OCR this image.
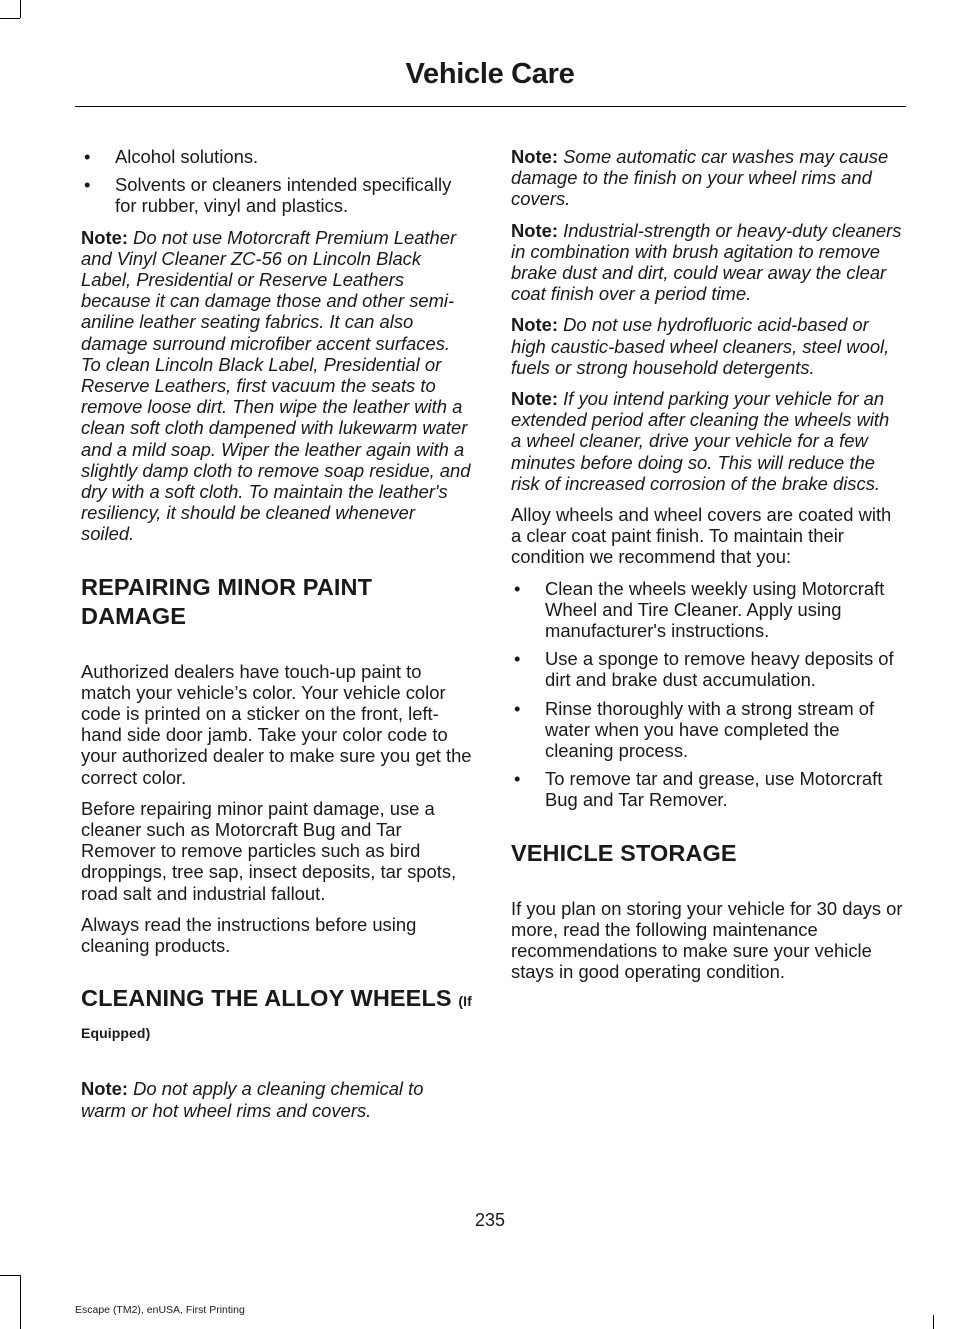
Vehicle Care
• Alcohol solutions.
• Solvents or cleaners intended specifically for rubber, vinyl and plastics.

Note: Do not use Motorcraft Premium Leather and Vinyl Cleaner ZC-56 on Lincoln Black Label, Presidential or Reserve Leathers because it can damage those and other semi-aniline leather seating fabrics. It can also damage surround microfiber accent surfaces. To clean Lincoln Black Label, Presidential or Reserve Leathers, first vacuum the seats to remove loose dirt. Then wipe the leather with a clean soft cloth dampened with lukewarm water and a mild soap. Wiper the leather again with a slightly damp cloth to remove soap residue, and dry with a soft cloth. To maintain the leather's resiliency, it should be cleaned whenever soiled.

REPAIRING MINOR PAINT DAMAGE

Authorized dealers have touch-up paint to match your vehicle’s color. Your vehicle color code is printed on a sticker on the front, left-hand side door jamb. Take your color code to your authorized dealer to make sure you get the correct color.

Before repairing minor paint damage, use a cleaner such as Motorcraft Bug and Tar Remover to remove particles such as bird droppings, tree sap, insect deposits, tar spots, road salt and industrial fallout.

Always read the instructions before using cleaning products.

CLEANING THE ALLOY WHEELS (If Equipped)

Note: Do not apply a cleaning chemical to warm or hot wheel rims and covers.

Note: Some automatic car washes may cause damage to the finish on your wheel rims and covers.

Note: Industrial-strength or heavy-duty cleaners in combination with brush agitation to remove brake dust and dirt, could wear away the clear coat finish over a period time.

Note: Do not use hydrofluoric acid-based or high caustic-based wheel cleaners, steel wool, fuels or strong household detergents.

Note: If you intend parking your vehicle for an extended period after cleaning the wheels with a wheel cleaner, drive your vehicle for a few minutes before doing so. This will reduce the risk of increased corrosion of the brake discs.

Alloy wheels and wheel covers are coated with a clear coat paint finish. To maintain their condition we recommend that you:

• Clean the wheels weekly using Motorcraft Wheel and Tire Cleaner. Apply using manufacturer's instructions.
• Use a sponge to remove heavy deposits of dirt and brake dust accumulation.
• Rinse thoroughly with a strong stream of water when you have completed the cleaning process.
• To remove tar and grease, use Motorcraft Bug and Tar Remover.
VEHICLE STORAGE

If you plan on storing your vehicle for 30 days or more, read the following maintenance recommendations to make sure your vehicle stays in good operating condition.

235
Escape (TM2), enUSA, First Printing
